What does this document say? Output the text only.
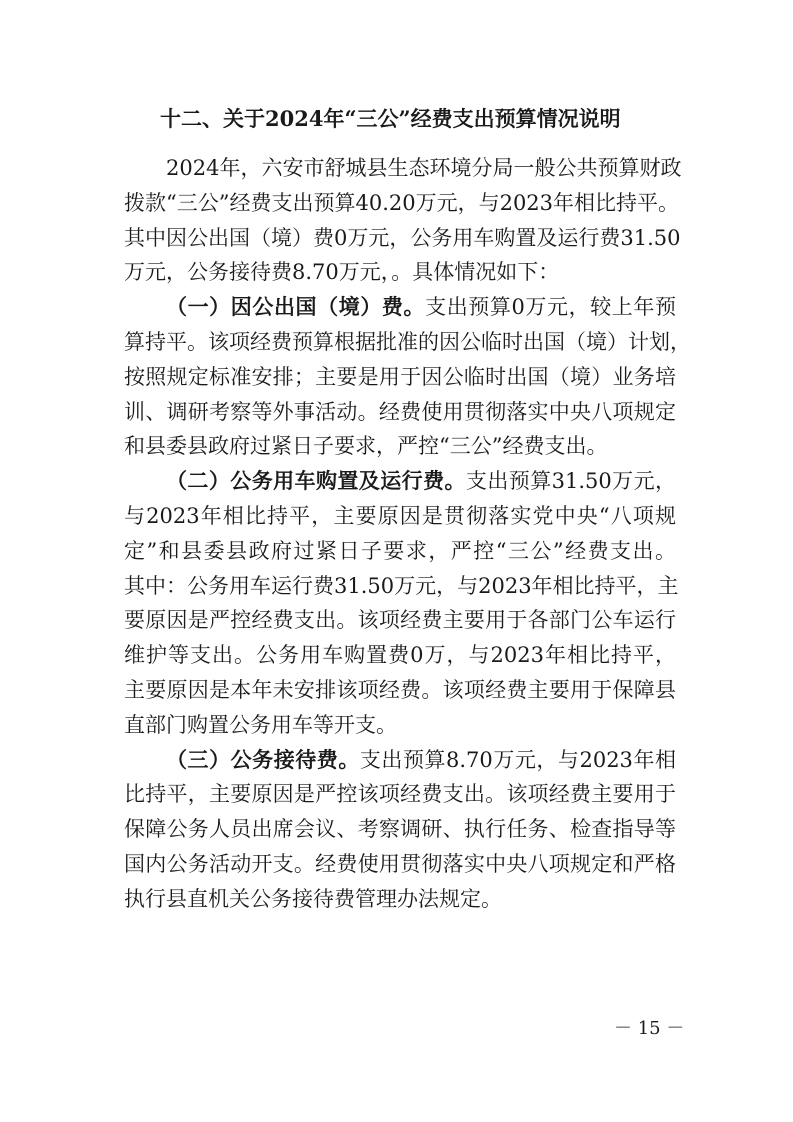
十二、关于2024年“三公”经费支出预算情况说明
2024年，六安市舒城县生态环境分局一般公共预算财政
拨款“三公”经费支出预算40.20万元，与2023年相比持平。
其中因公出国（境）费0万元，公务用车购置及运行费31.50
万元，公务接待费8.70万元，。具体情况如下：
（一）因公出国（境）费。支出预算0万元，较上年预
算持平。该项经费预算根据批准的因公临时出国（境）计划，
按照规定标准安排；主要是用于因公临时出国（境）业务培
训、调研考察等外事活动。经费使用贯彻落实中央八项规定
和县委县政府过紧日子要求，严控“三公”经费支出。
（二）公务用车购置及运行费。支出预算31.50万元，
与2023年相比持平，主要原因是贯彻落实党中央“八项规
定”和县委县政府过紧日子要求，严控“三公”经费支出。
其中：公务用车运行费31.50万元，与2023年相比持平，主
要原因是严控经费支出。该项经费主要用于各部门公车运行
维护等支出。公务用车购置费0万，与2023年相比持平，
主要原因是本年未安排该项经费。该项经费主要用于保障县
直部门购置公务用车等开支。
（三）公务接待费。支出预算8.70万元，与2023年相
比持平，主要原因是严控该项经费支出。该项经费主要用于
保障公务人员出席会议、考察调研、执行任务、检查指导等
国内公务活动开支。经费使用贯彻落实中央八项规定和严格
执行县直机关公务接待费管理办法规定。
－ 15 －
